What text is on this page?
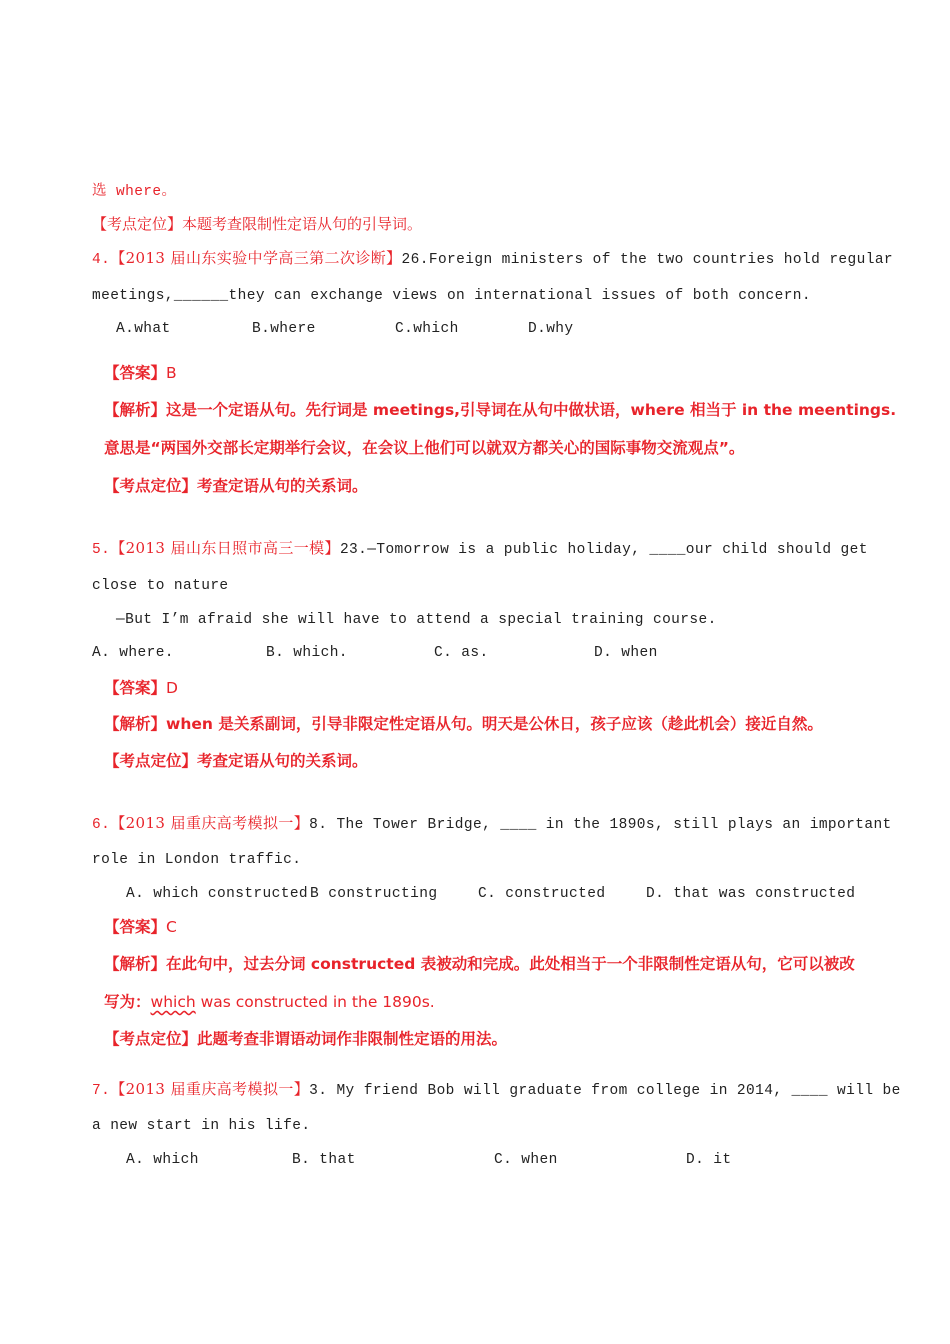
选 where。
【考点定位】本题考查限制性定语从句的引导词。
4.【2013 届山东实验中学高三第二次诊断】26.Foreign ministers of the two countries hold regular
meetings,______they can exchange views on international issues of both concern.
A.what	B.where	C.which	D.why
【答案】B
【解析】这是一个定语从句。先行词是 meetings,引导词在从句中做状语，where 相当于 in the meentings.
意思是“两国外交部长定期举行会议，在会议上他们可以就双方都关心的国际事物交流观点”。
【考点定位】考查定语从句的关系词。
5.【2013 届山东日照市高三一模】23.—Tomorrow is a public holiday, ____our child should get
close to nature
—But I’m afraid she will have to attend a special training course.
A. where.	B. which.	C. as.	D. when
【答案】D
【解析】when 是关系副词，引导非限定性定语从句。明天是公休日，孩子应该（趁此机会）接近自然。
【考点定位】考查定语从句的关系词。
6.【2013 届重庆高考模拟一】8. The Tower Bridge, ____ in the 1890s, still plays an important
role in London traffic.
A. which constructed B constructing	C. constructed	D. that was constructed
【答案】C
【解析】在此句中，过去分词 constructed 表被动和完成。此处相当于一个非限制性定语从句，它可以被改
写为：which was constructed in the 1890s.
【考点定位】此题考查非谓语动词作非限制性定语的用法。
7.【2013 届重庆高考模拟一】3. My friend Bob will graduate from college in 2014, ____ will be
a new start in his life.
A. which	B. that	C. when	D. it
